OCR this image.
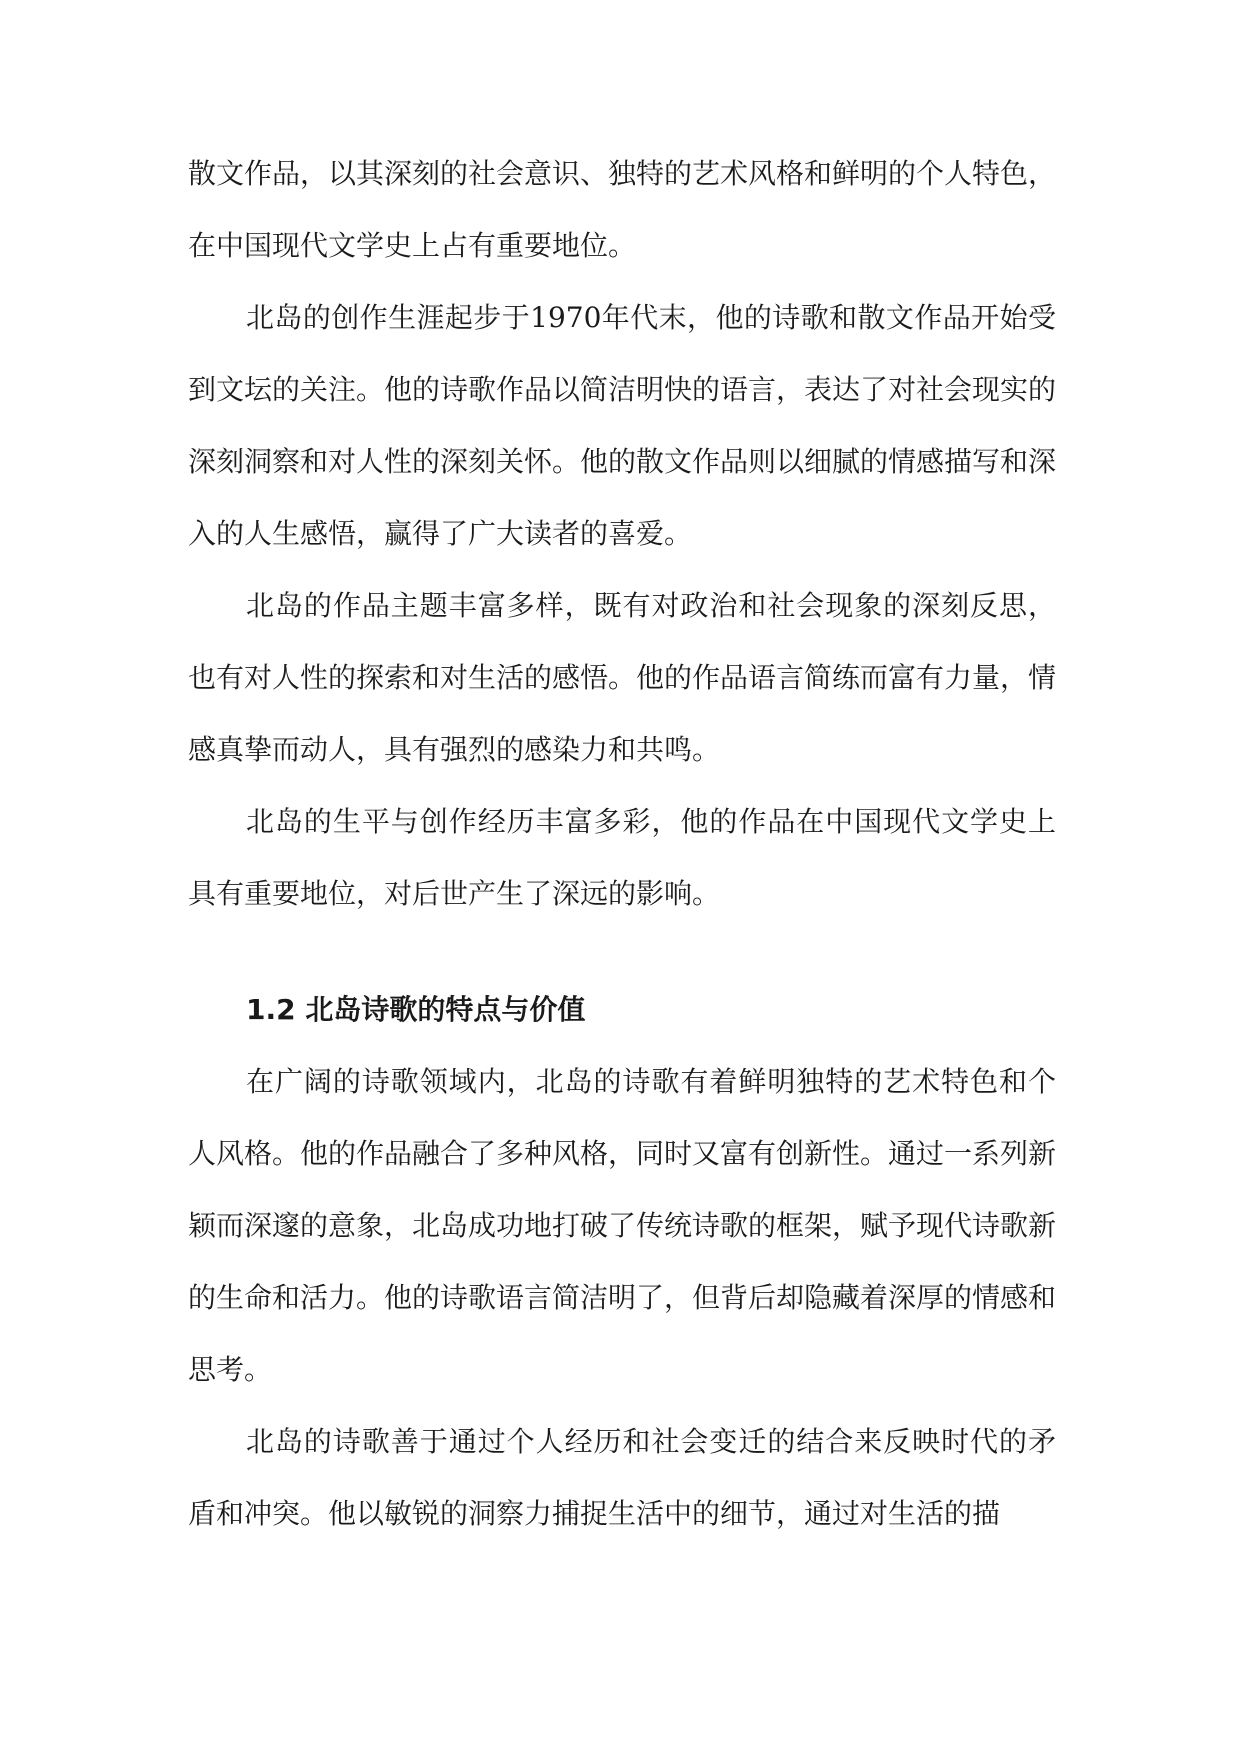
散文作品，以其深刻的社会意识、独特的艺术风格和鲜明的个人特色，在中国现代文学史上占有重要地位。

北岛的创作生涯起步于1970年代末，他的诗歌和散文作品开始受到文坛的关注。他的诗歌作品以简洁明快的语言，表达了对社会现实的深刻洞察和对人性的深刻关怀。他的散文作品则以细腻的情感描写和深入的人生感悟，赢得了广大读者的喜爱。

北岛的作品主题丰富多样，既有对政治和社会现象的深刻反思，也有对人性的探索和对生活的感悟。他的作品语言简练而富有力量，情感真挚而动人，具有强烈的感染力和共鸣。

北岛的生平与创作经历丰富多彩，他的作品在中国现代文学史上具有重要地位，对后世产生了深远的影响。

1.2 北岛诗歌的特点与价值

在广阔的诗歌领域内，北岛的诗歌有着鲜明独特的艺术特色和个人风格。他的作品融合了多种风格，同时又富有创新性。通过一系列新颖而深邃的意象，北岛成功地打破了传统诗歌的框架，赋予现代诗歌新的生命和活力。他的诗歌语言简洁明了，但背后却隐藏着深厚的情感和思考。

北岛的诗歌善于通过个人经历和社会变迁的结合来反映时代的矛盾和冲突。他以敏锐的洞察力捕捉生活中的细节，通过对生活的描
